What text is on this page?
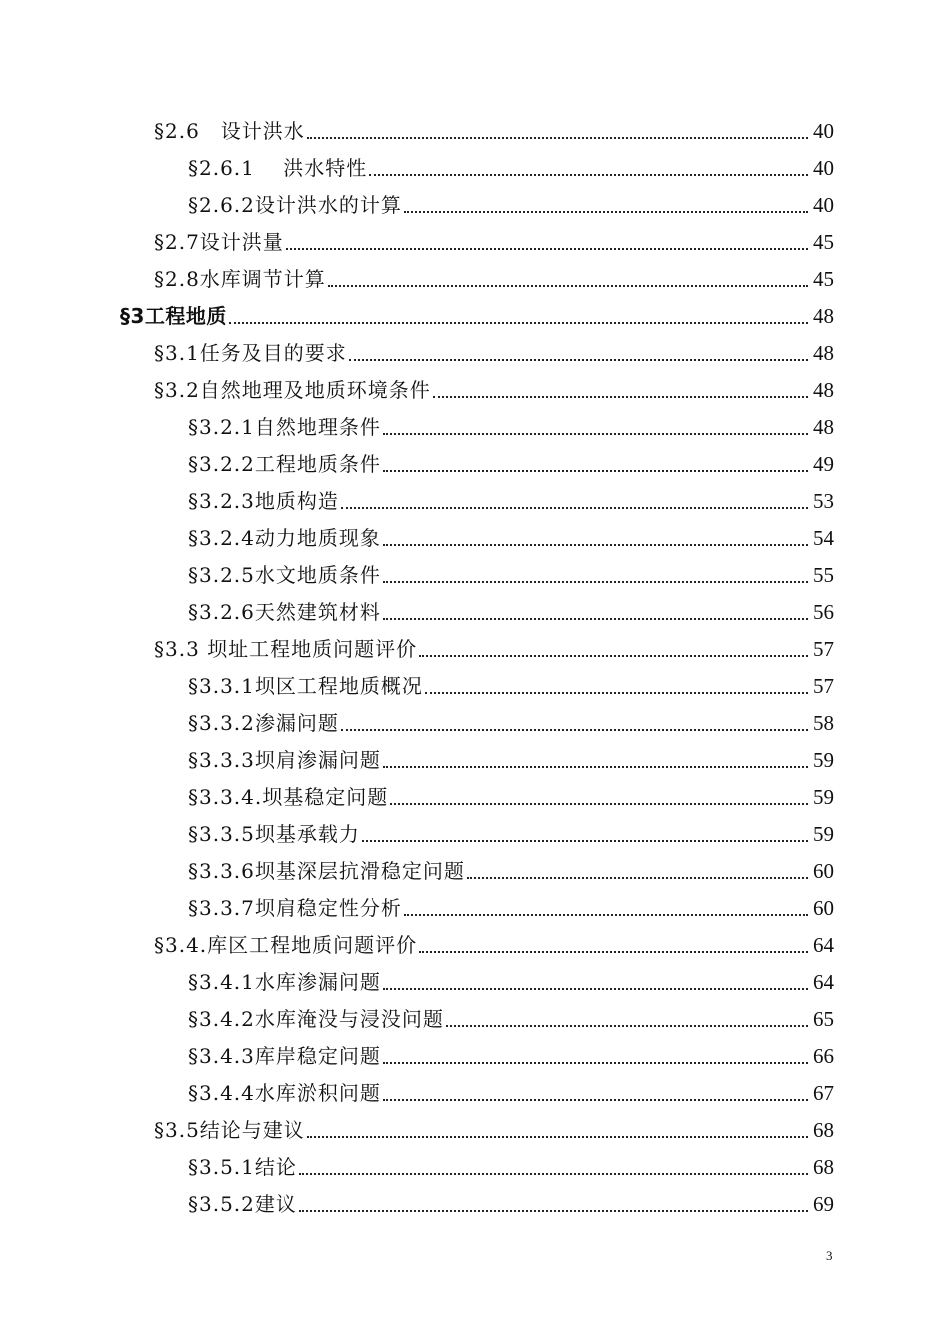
§2.6　设计洪水	40
§2.6.1　 洪水特性	40
§2.6.2设计洪水的计算	40
§2.7设计洪量	45
§2.8水库调节计算	45
§3工程地质	48
§3.1任务及目的要求	48
§3.2自然地理及地质环境条件	48
§3.2.1自然地理条件	48
§3.2.2工程地质条件	49
§3.2.3地质构造	53
§3.2.4动力地质现象	54
§3.2.5水文地质条件	55
§3.2.6天然建筑材料	56
§3.3 坝址工程地质问题评价	57
§3.3.1坝区工程地质概况	57
§3.3.2渗漏问题	58
§3.3.3坝肩渗漏问题	59
§3.3.4.坝基稳定问题	59
§3.3.5坝基承载力	59
§3.3.6坝基深层抗滑稳定问题	60
§3.3.7坝肩稳定性分析	60
§3.4.库区工程地质问题评价	64
§3.4.1水库渗漏问题	64
§3.4.2水库淹没与浸没问题	65
§3.4.3库岸稳定问题	66
§3.4.4水库淤积问题	67
§3.5结论与建议	68
§3.5.1结论	68
§3.5.2建议	69
3
